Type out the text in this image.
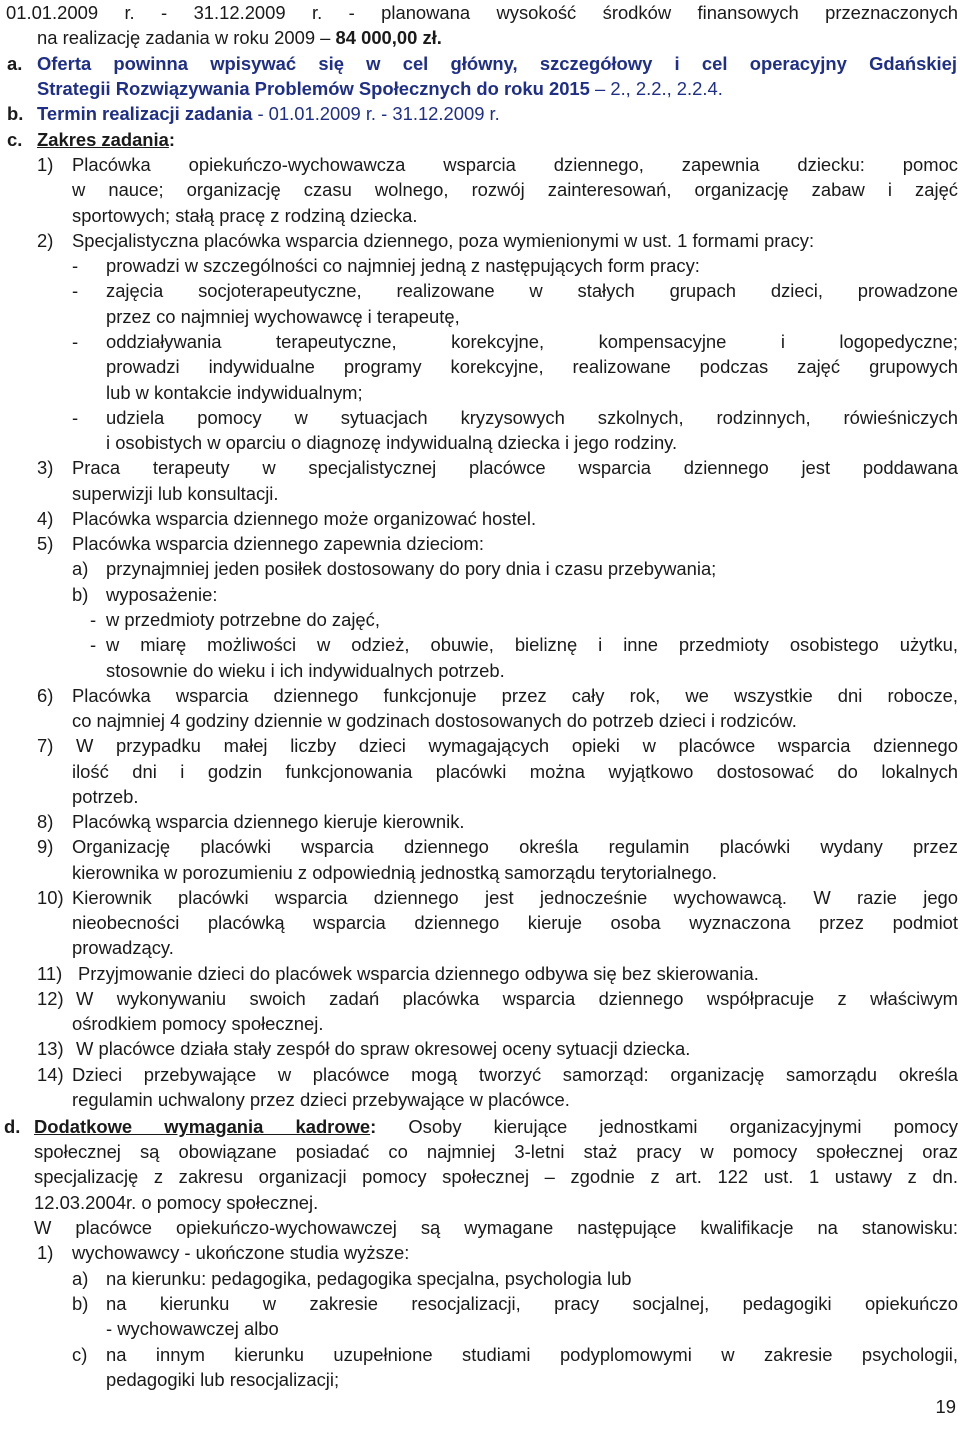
01.01.2009 r. - 31.12.2009 r. - planowana wysokość środków finansowych przeznaczonych
na realizację zadania w roku 2009 – 84 000,00 zł.
a. Oferta powinna wpisywać się w cel główny, szczegółowy i cel operacyjny Gdańskiej
Strategii Rozwiązywania Problemów Społecznych do roku 2015 – 2., 2.2., 2.2.4.
b. Termin realizacji zadania - 01.01.2009 r. - 31.12.2009 r.
c. Zakres zadania:
1) Placówka opiekuńczo-wychowawcza wsparcia dziennego, zapewnia dziecku: pomoc
w nauce; organizację czasu wolnego, rozwój zainteresowań, organizację zabaw i zajęć
sportowych; stałą pracę z rodziną dziecka.
2) Specjalistyczna placówka wsparcia dziennego, poza wymienionymi w ust. 1 formami pracy:
- prowadzi w szczególności co najmniej jedną z następujących form pracy:
- zajęcia socjoterapeutyczne, realizowane w stałych grupach dzieci, prowadzone
przez co najmniej wychowawcę i terapeutę,
- oddziaływania terapeutyczne, korekcyjne, kompensacyjne i logopedyczne;
prowadzi indywidualne programy korekcyjne, realizowane podczas zajęć grupowych
lub w kontakcie indywidualnym;
- udziela pomocy w sytuacjach kryzysowych szkolnych, rodzinnych, rówieśniczych
i osobistych w oparciu o diagnozę indywidualną dziecka i jego rodziny.
3) Praca terapeuty w specjalistycznej placówce wsparcia dziennego jest poddawana
superwizji lub konsultacji.
4) Placówka wsparcia dziennego może organizować hostel.
5) Placówka wsparcia dziennego zapewnia dzieciom:
a) przynajmniej jeden posiłek dostosowany do pory dnia i czasu przebywania;
b) wyposażenie:
- w przedmioty potrzebne do zajęć,
- w miarę możliwości w odzież, obuwie, bieliznę i inne przedmioty osobistego użytku,
stosownie do wieku i ich indywidualnych potrzeb.
6) Placówka wsparcia dziennego funkcjonuje przez cały rok, we wszystkie dni robocze,
co najmniej 4 godziny dziennie w godzinach dostosowanych do potrzeb dzieci i rodziców.
7) W przypadku małej liczby dzieci wymagających opieki w placówce wsparcia dziennego
ilość dni i godzin funkcjonowania placówki można wyjątkowo dostosować do lokalnych
potrzeb.
8) Placówką wsparcia dziennego kieruje kierownik.
9) Organizację placówki wsparcia dziennego określa regulamin placówki wydany przez
kierownika w porozumieniu z odpowiednią jednostką samorządu terytorialnego.
10) Kierownik placówki wsparcia dziennego jest jednocześnie wychowawcą. W razie jego
nieobecności placówką wsparcia dziennego kieruje osoba wyznaczona przez podmiot
prowadzący.
11) Przyjmowanie dzieci do placówek wsparcia dziennego odbywa się bez skierowania.
12) W wykonywaniu swoich zadań placówka wsparcia dziennego współpracuje z właściwym
ośrodkiem pomocy społecznej.
13) W placówce działa stały zespół do spraw okresowej oceny sytuacji dziecka.
14) Dzieci przebywające w placówce mogą tworzyć samorząd: organizację samorządu określa
regulamin uchwalony przez dzieci przebywające w placówce.
d. Dodatkowe wymagania kadrowe: Osoby kierujące jednostkami organizacyjnymi pomocy
społecznej są obowiązane posiadać co najmniej 3-letni staż pracy w pomocy społecznej oraz
specjalizację z zakresu organizacji pomocy społecznej – zgodnie z art. 122 ust. 1 ustawy z dn.
12.03.2004r. o pomocy społecznej.
W placówce opiekuńczo-wychowawczej są wymagane następujące kwalifikacje na stanowisku:
1) wychowawcy - ukończone studia wyższe:
a) na kierunku: pedagogika, pedagogika specjalna, psychologia lub
b) na kierunku w zakresie resocjalizacji, pracy socjalnej, pedagogiki opiekuńczo
- wychowawczej albo
c) na innym kierunku uzupełnione studiami podyplomowymi w zakresie psychologii,
pedagogiki lub resocjalizacji;
19
